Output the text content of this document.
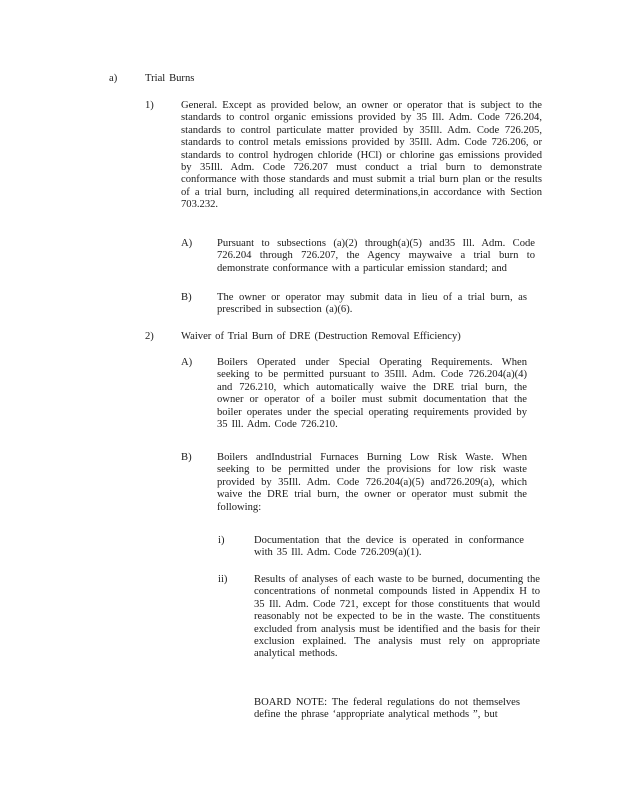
a)	Trial Burns
1)	General. Except as provided below, an owner or operator that is subject to the standards to control organic emissions provided by 35 Ill. Adm. Code 726.204, standards to control particulate matter provided by 35Ill. Adm. Code 726.205, standards to control metals emissions provided by 35Ill. Adm. Code 726.206, or standards to control hydrogen chloride (HCl) or chlorine gas emissions provided by 35Ill. Adm. Code 726.207 must conduct a trial burn to demonstrate conformance with those standards and must submit a trial burn plan or the results of a trial burn, including all required determinations,in accordance with Section 703.232.

A) Pursuant to subsections (a)(2) through(a)(5) and35 Ill. Adm. Code 726.204 through 726.207, the Agency maywaive a trial burn to demonstrate conformance with a particular emission standard; and

B) The owner or operator may submit data in lieu of a trial burn, as prescribed in subsection (a)(6).

2)	Waiver of Trial Burn of DRE (Destruction Removal Efficiency)

A) Boilers Operated under Special Operating Requirements. When seeking to be permitted pursuant to 35Ill. Adm. Code 726.204(a)(4) and 726.210, which automatically waive the DRE trial burn, the owner or operator of a boiler must submit documentation that the boiler operates under the special operating requirements provided by 35 Ill. Adm. Code 726.210.

B) Boilers andIndustrial Furnaces Burning Low Risk Waste. When seeking to be permitted under the provisions for low risk waste provided by 35Ill. Adm. Code 726.204(a)(5) and726.209(a), which waive the DRE trial burn, the owner or operator must submit the following:

i)	Documentation that the device is operated in conformance with 35 Ill. Adm. Code 726.209(a)(1).

ii)	Results of analyses of each waste to be burned, documenting the concentrations of nonmetal compounds listed in Appendix H to 35 Ill. Adm. Code 721, except for those constituents that would reasonably not be expected to be in the waste. The constituents excluded from analysis must be identified and the basis for their exclusion explained. The analysis must rely on appropriate analytical methods.

BOARD NOTE: The federal regulations do not themselves define the phrase ‘appropriate analytical methods ”, but
